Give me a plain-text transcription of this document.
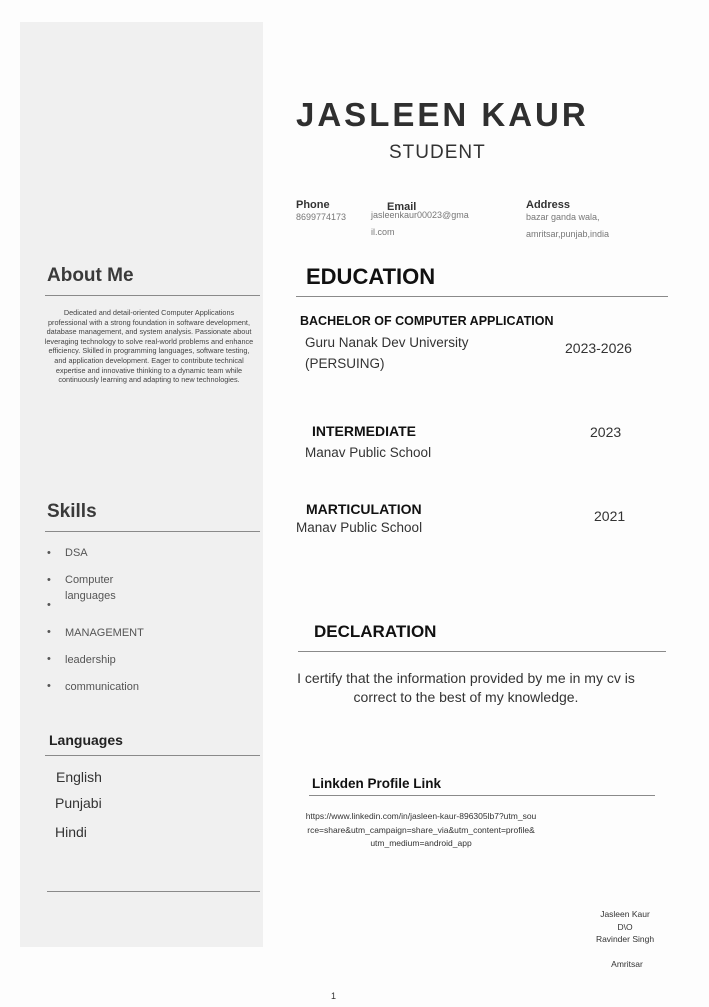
JASLEEN KAUR
STUDENT
Phone
8699774173
Email
jasleenkaur00023@gma
il.com
Address
bazar ganda wala,
amritsar,punjab,india
About Me
Dedicated and detail-oriented Computer Applications professional with a strong foundation in software development, database management, and system analysis. Passionate about leveraging technology to solve real-world problems and enhance efficiency. Skilled in programming languages, software testing, and application development. Eager to contribute technical expertise and innovative thinking to a dynamic team while continuously learning and adapting to new technologies.
Skills
• DSA
• Computer
languages
•
• MANAGEMENT
• leadership
• communication
Languages
English
Punjabi
Hindi
EDUCATION
BACHELOR OF COMPUTER APPLICATION
Guru Nanak Dev University
(PERSUING)
2023-2026
INTERMEDIATE
Manav Public School
2023
MARTICULATION
Manav Public School
2021
DECLARATION
I certify that the information provided by me in my cv is correct to the best of my knowledge.
Linkden Profile Link
https://www.linkedin.com/in/jasleen-kaur-896305lb7?utm_source=share&utm_campaign=share_via&utm_content=profile&utm_medium=android_app
Jasleen Kaur
D\O
Ravinder Singh
Amritsar
1
